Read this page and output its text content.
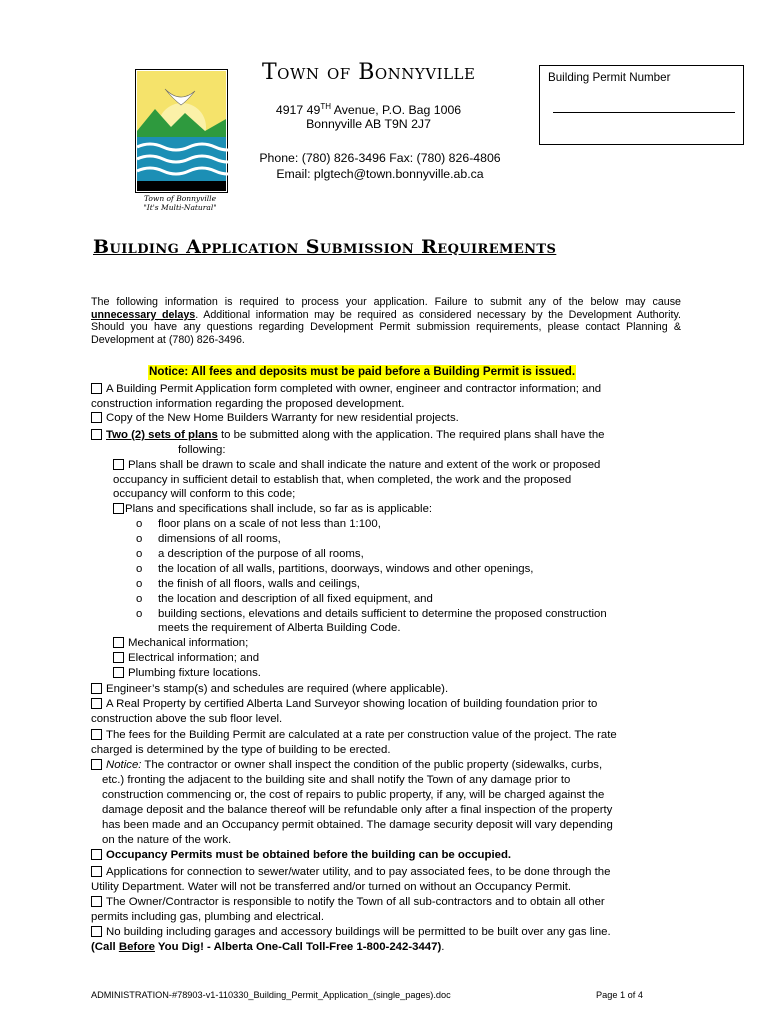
Town of Bonnyville
"It's Multi-Natural"
Town of Bonnyville
4917 49TH Avenue, P.O. Bag 1006
Bonnyville AB T9N 2J7
Phone: (780) 826-3496 Fax: (780) 826-4806
Email: plgtech@town.bonnyville.ab.ca
Building Permit Number
Building Application Submission Requirements
The following information is required to process your application. Failure to submit any of the below may cause unnecessary delays. Additional information may be required as considered necessary by the Development Authority. Should you have any questions regarding Development Permit submission requirements, please contact Planning & Development at (780) 826-3496.
Notice: All fees and deposits must be paid before a Building Permit is issued.
A Building Permit Application form completed with owner, engineer and contractor information; and
construction information regarding the proposed development.
Copy of the New Home Builders Warranty for new residential projects.
Two (2) sets of plans to be submitted along with the application. The required plans shall have the
following:
Plans shall be drawn to scale and shall indicate the nature and extent of the work or proposed
occupancy in sufficient detail to establish that, when completed, the work and the proposed
occupancy will conform to this code;
Plans and specifications shall include, so far as is applicable:
o floor plans on a scale of not less than 1:100,
o dimensions of all rooms,
o a description of the purpose of all rooms,
o the location of all walls, partitions, doorways, windows and other openings,
o the finish of all floors, walls and ceilings,
o the location and description of all fixed equipment, and
o building sections, elevations and details sufficient to determine the proposed construction
meets the requirement of Alberta Building Code.
Mechanical information;
Electrical information; and
Plumbing fixture locations.
Engineer’s stamp(s) and schedules are required (where applicable).
A Real Property by certified Alberta Land Surveyor showing location of building foundation prior to
construction above the sub floor level.
The fees for the Building Permit are calculated at a rate per construction value of the project. The rate
charged is determined by the type of building to be erected.
Notice: The contractor or owner shall inspect the condition of the public property (sidewalks, curbs,
etc.) fronting the adjacent to the building site and shall notify the Town of any damage prior to
construction commencing or, the cost of repairs to public property, if any, will be charged against the
damage deposit and the balance thereof will be refundable only after a final inspection of the property
has been made and an Occupancy permit obtained. The damage security deposit will vary depending
on the nature of the work.
Occupancy Permits must be obtained before the building can be occupied.
Applications for connection to sewer/water utility, and to pay associated fees, to be done through the
Utility Department. Water will not be transferred and/or turned on without an Occupancy Permit.
The Owner/Contractor is responsible to notify the Town of all sub-contractors and to obtain all other
permits including gas, plumbing and electrical.
No building including garages and accessory buildings will be permitted to be built over any gas line.
(Call Before You Dig! - Alberta One-Call Toll-Free 1-800-242-3447).
ADMINISTRATION-#78903-v1-110330_Building_Permit_Application_(single_pages).doc	Page 1 of 4
